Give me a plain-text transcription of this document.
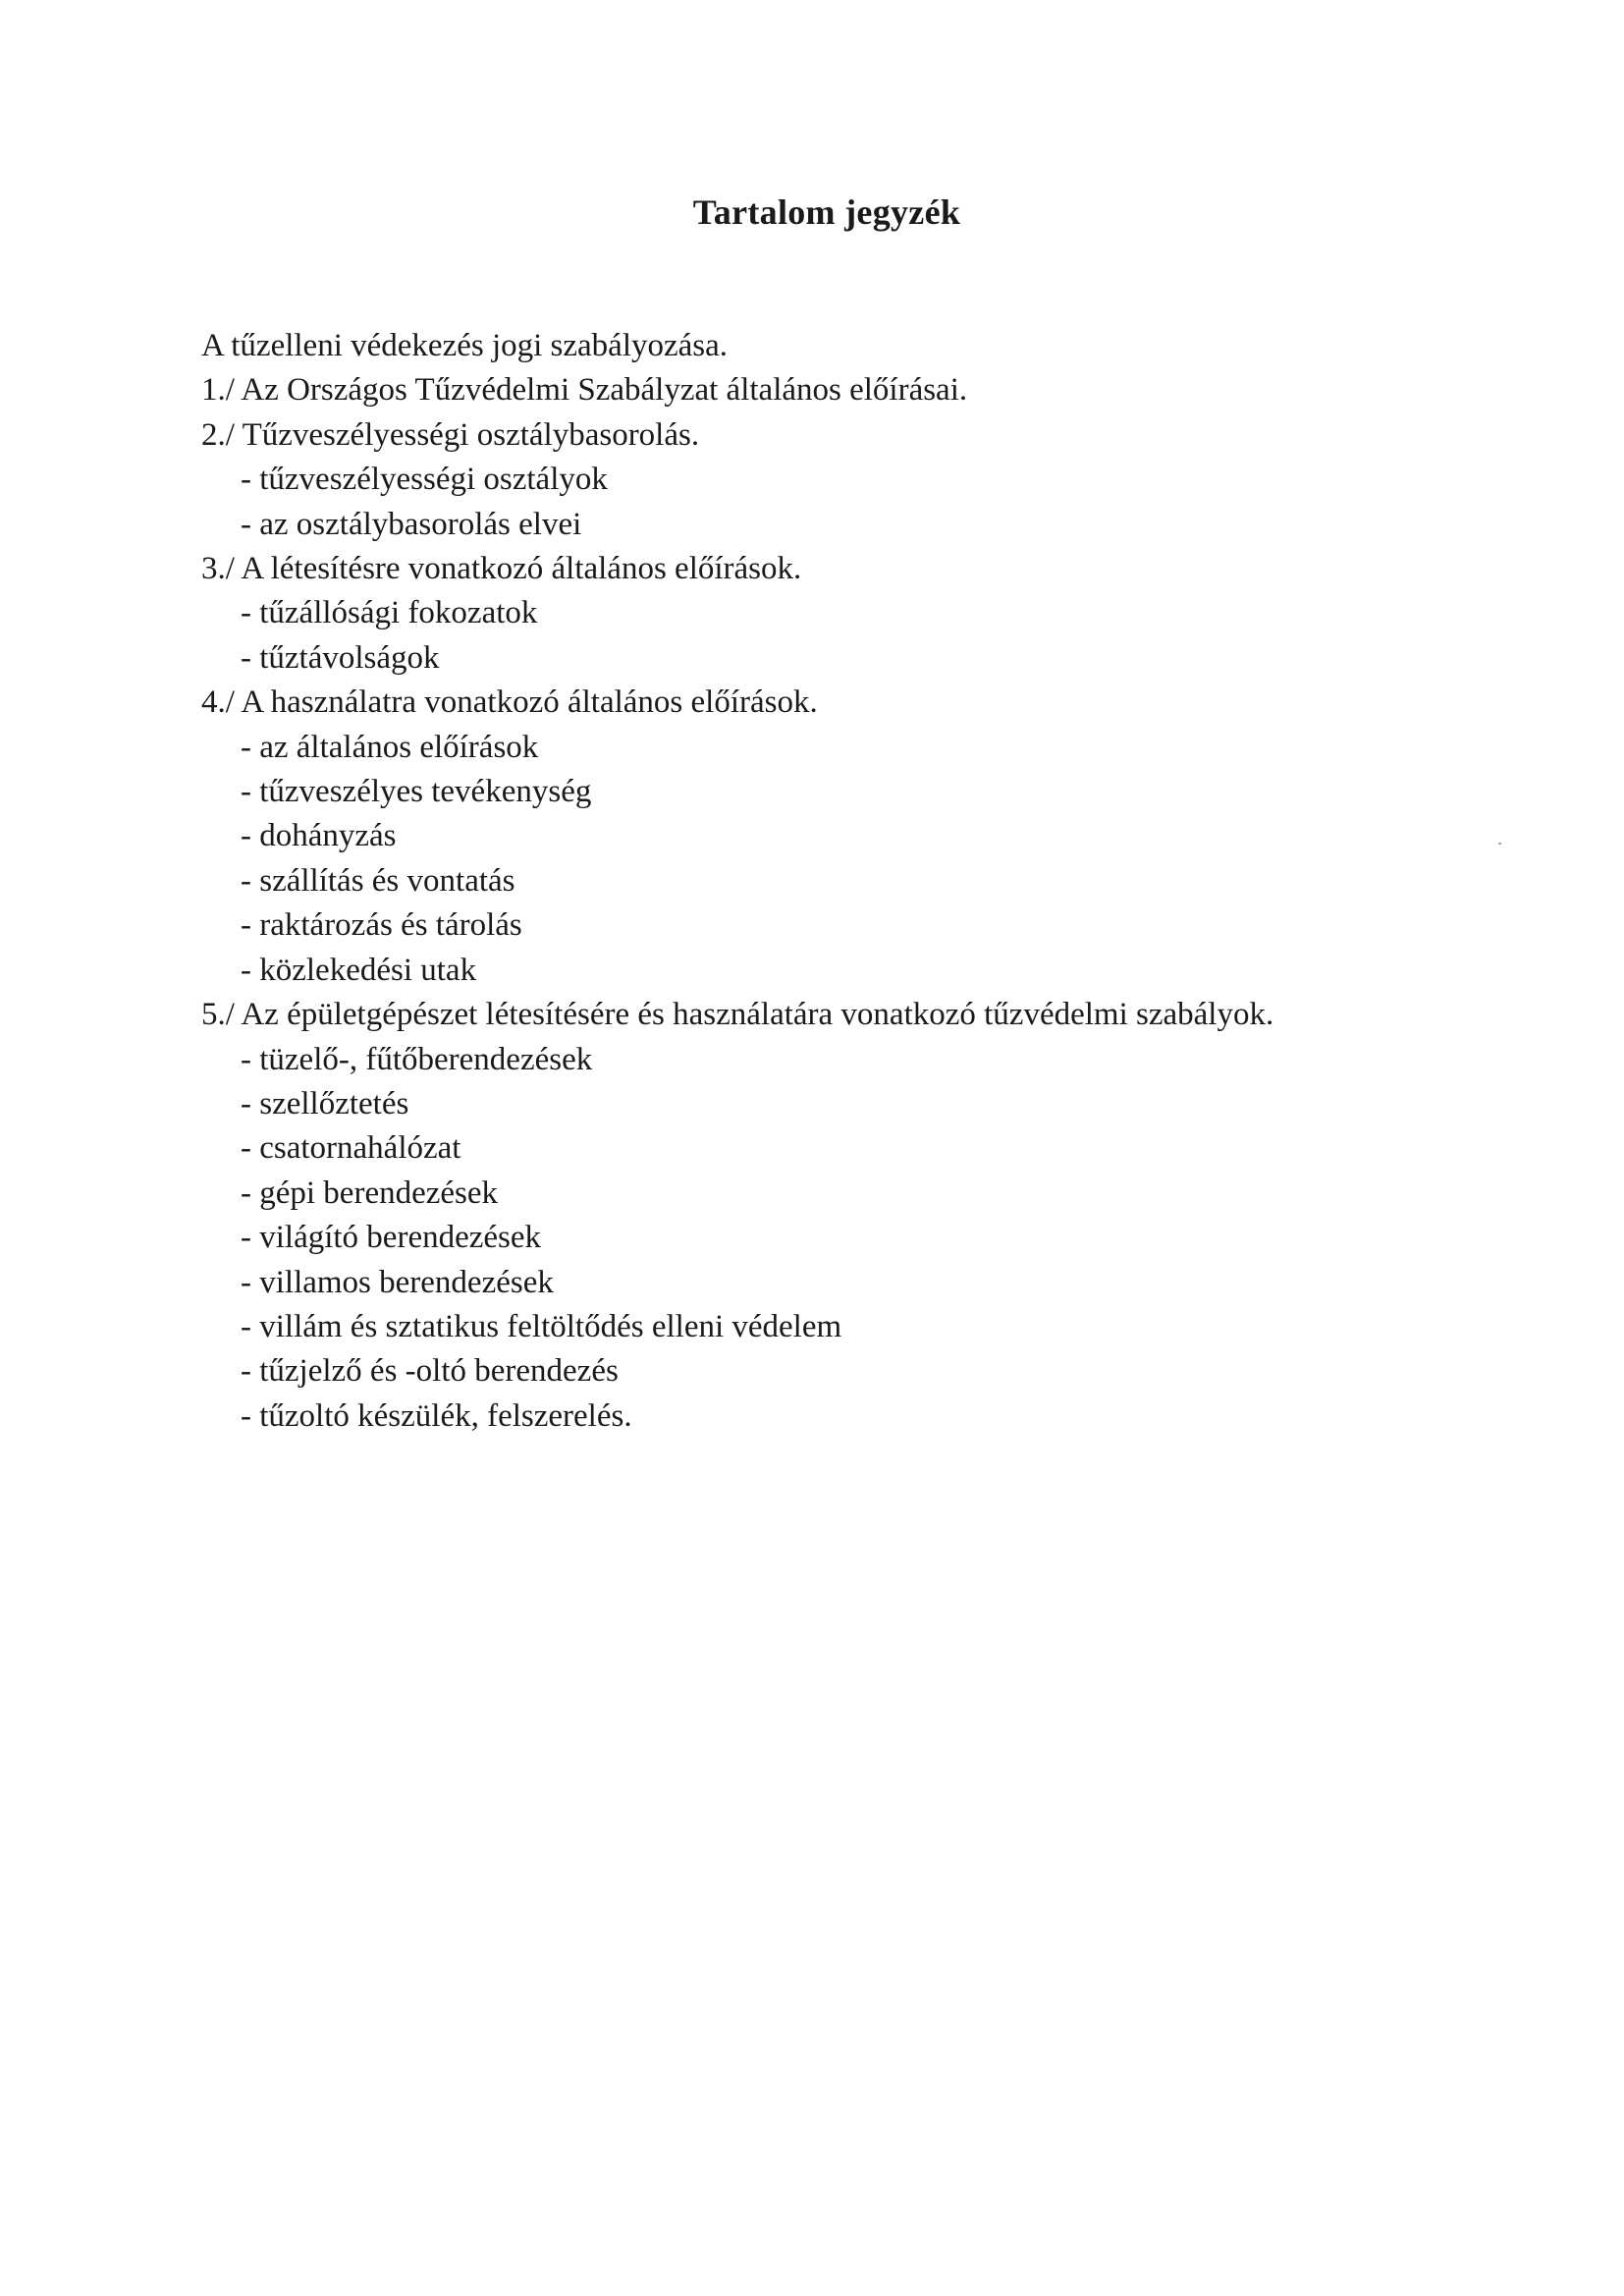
Tartalom jegyzék
A tűzelleni védekezés jogi szabályozása.
1./ Az Országos Tűzvédelmi Szabályzat általános előírásai.
2./ Tűzveszélyességi osztálybasorolás.
- tűzveszélyességi osztályok
- az osztálybasorolás elvei
3./ A létesítésre vonatkozó általános előírások.
- tűzállósági fokozatok
- tűztávolságok
4./ A használatra vonatkozó általános előírások.
- az általános előírások
- tűzveszélyes tevékenység
- dohányzás
- szállítás és vontatás
- raktározás és tárolás
- közlekedési utak
5./ Az épületgépészet létesítésére és használatára vonatkozó tűzvédelmi szabályok.
- tüzelő-, fűtőberendezések
- szellőztetés
- csatornahálózat
- gépi berendezések
- világító berendezések
- villamos berendezések
- villám és sztatikus feltöltődés elleni védelem
- tűzjelző és -oltó berendezés
- tűzoltó készülék, felszerelés.
